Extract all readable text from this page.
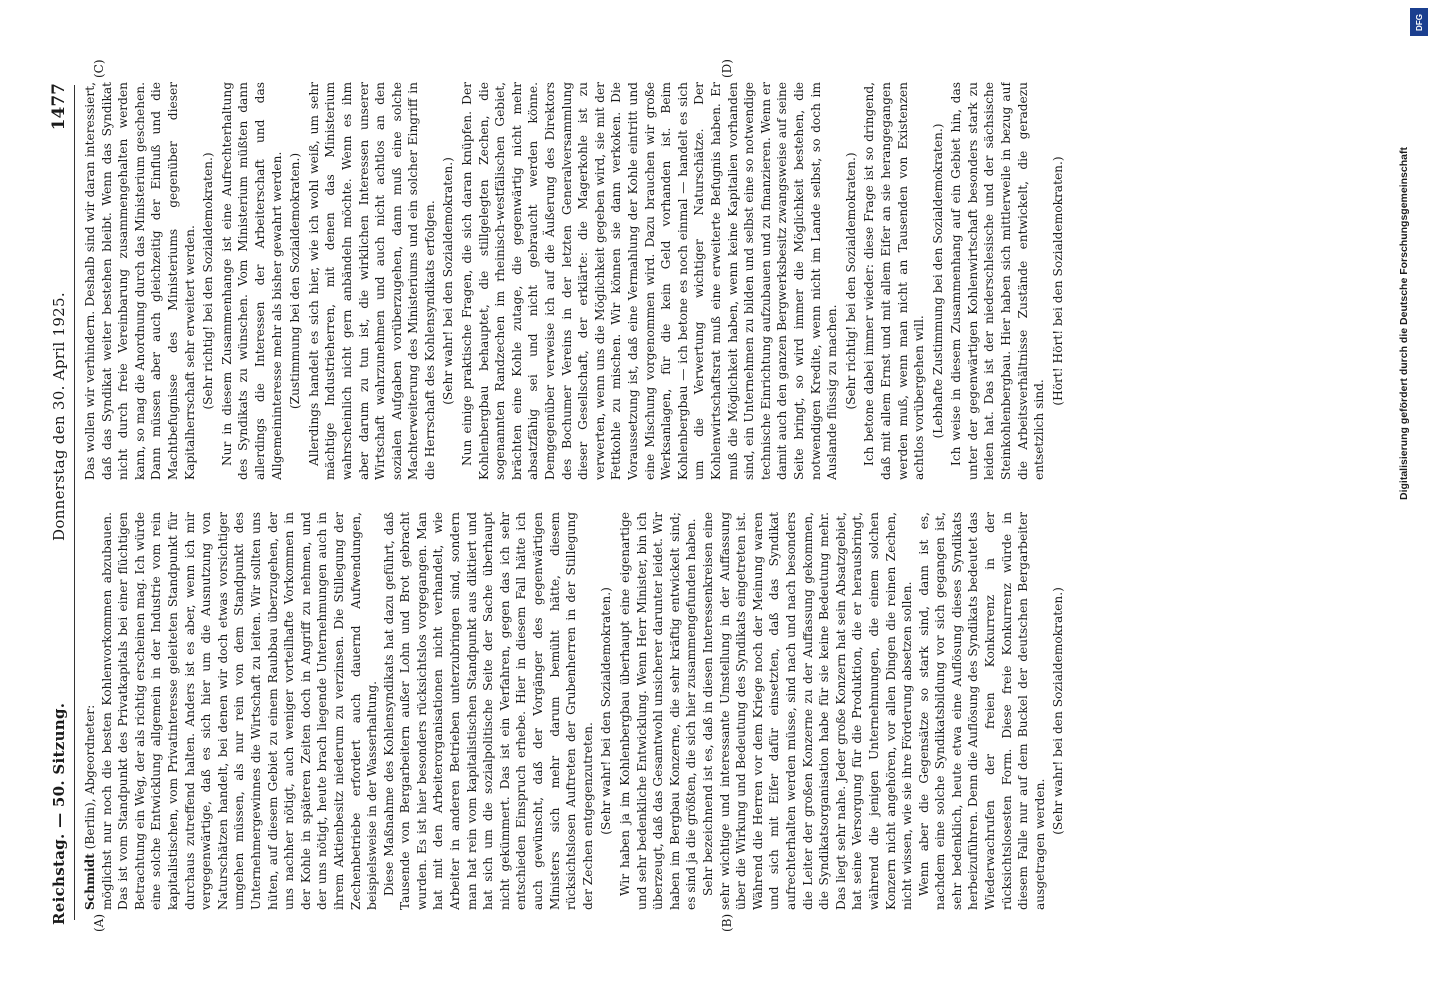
Reichstag. — 50. Sitzung.
Donnerstag den 30. April 1925.
1477
(A)	(B)
(C)	(D)

Schmidt (Berlin), Abgeordneter: möglichst nur noch die besten Kohlenvorkommen abzubauen. Das ist vom Standpunkt des Privatkapitals bei einer flüchtigen Betrachtung ein Weg, der als richtig erscheinen mag. Ich würde eine solche Entwicklung allgemein in der Industrie vom rein kapitalistischen, vom Privatinteresse geleiteten Standpunkt für durchaus zutreffend halten. Anders ist es aber, wenn ich mir vergegenwärtige, daß es sich hier um die Ausnutzung von Naturschätzen handelt, bei denen wir doch etwas vorsichtiger umgehen müssen, als nur rein von dem Standpunkt des Unternehmergewinnes die Wirtschaft zu leiten. Wir sollten uns hüten, auf diesem Gebiet zu einem Raubbau überzugehen, der uns nachher nötigt, auch weniger vorteilhafte Vorkommen in der Kohle in späteren Zeiten doch in Angriff zu nehmen, und der uns nötigt, heute brach liegende Unternehmungen auch in ihrem Aktienbesitz niederum zu verzinsen. Die Stillegung der Zechenbetriebe erfordert auch dauernd Aufwendungen, beispielsweise in der Wasserhaltung. Diese Maßnahme des Kohlensyndikats hat dazu geführt, daß Tausende von Bergarbeitern außer Lohn und Brot gebracht wurden. Es ist hier besonders rücksichtslos vorgegangen. Man hat mit den Arbeiterorganisationen nicht verhandelt, wie Arbeiter in anderen Betrieben unterzubringen sind, sondern man hat rein vom kapitalistischen Standpunkt aus diktiert und hat sich um die sozialpolitische Seite der Sache überhaupt nicht gekümmert. Das ist ein Verfahren, gegen das ich sehr entschieden Einspruch erhebe. Hier in diesem Fall hätte ich auch gewünscht, daß der Vorgänger des gegenwärtigen Ministers sich mehr darum bemüht hätte, diesem rücksichtslosen Auftreten der Grubenherren in der Stillegung der Zechen entgegenzutreten. (Sehr wahr! bei den Sozialdemokraten.) Wir haben ja im Kohlenbergbau überhaupt eine eigenartige und sehr bedenkliche Entwicklung. Wenn Herr Minister, bin ich überzeugt, daß das Gesamtwohl unsicherer darunter leidet. Wir haben im Bergbau Konzerne, die sehr kräftig entwickelt sind; es sind ja die größten, die sich hier zusammengefunden haben. Sehr bezeichnend ist es, daß in diesen Interessenkreisen eine sehr wichtige und interessante Umstellung in der Auffassung über die Wirkung und Bedeutung des Syndikats eingetreten ist. Während die Herren vor dem Kriege noch der Meinung waren und sich mit Eifer dafür einsetzten, daß das Syndikat aufrechterhalten werden müsse, sind nach und nach besonders die Leiter der großen Konzerne zu der Auffassung gekommen, die Syndikatsorganisation habe für sie keine Bedeutung mehr. Das liegt sehr nahe. Jeder große Konzern hat sein Absatzgebiet, hat seine Versorgung für die Produktion, die er herausbringt, während die jenigen Unternehmungen, die einem solchen Konzern nicht angehören, vor allen Dingen die reinen Zechen, nicht wissen, wie sie ihre Förderung absetzen sollen. Wenn aber die Gegensätze so stark sind, dann ist es, nachdem eine solche Syndikatsbildung vor sich gegangen ist, sehr bedenklich, heute etwa eine Auflösung dieses Syndikats herbeizuführen. Denn die Auflösung des Syndikats bedeutet das Wiederwachrufen der freien Konkurrenz in der rücksichtslosesten Form. Diese freie Konkurrenz würde in diesem Falle nur auf dem Buckel der deutschen Bergarbeiter ausgetragen werden.

(Sehr wahr! bei den Sozialdemokraten.)

Das wollen wir verhindern. Deshalb sind wir daran interessiert, daß das Syndikat weiter bestehen bleibt. Wenn das Syndikat nicht durch freie Vereinbarung zusammengehalten werden kann, so mag die Anordnung durch das Ministerium geschehen. Dann müssen aber auch gleichzeitig der Einfluß und die Machtbefugnisse des Ministeriums gegenüber dieser Kapitalherrschaft sehr erweitert werden. (Sehr richtig! bei den Sozialdemokraten.) Nur in diesem Zusammenhange ist eine Aufrechterhaltung des Syndikats zu wünschen. Vom Ministerium müßten dann allerdings die Interessen der Arbeiterschaft und das Allgemeininteresse mehr als bisher gewahrt werden. (Zustimmung bei den Sozialdemokraten.) Allerdings handelt es sich hier, wie ich wohl weiß, um sehr mächtige Industrieherren, mit denen das Ministerium wahrscheinlich nicht gern anbändeln möchte. Wenn es ihm aber darum zu tun ist, die wirklichen Interessen unserer Wirtschaft wahrzunehmen und auch nicht achtlos an den sozialen Aufgaben vorüberzugehen, dann muß eine solche Machterweiterung des Ministeriums und ein solcher Eingriff in die Herrschaft des Kohlensyndikats erfolgen. (Sehr wahr! bei den Sozialdemokraten.) Nun einige praktische Fragen, die sich daran knüpfen. Der Kohlenbergbau behauptet, die stillgelegten Zechen, die sogenannten Randzechen im rheinisch-westfälischen Gebiet, brächten eine Kohle zutage, die gegenwärtig nicht mehr absatzfähig sei und nicht gebraucht werden könne. Demgegenüber verweise ich auf die Äußerung des Direktors des Bochumer Vereins in der letzten Generalversammlung dieser Gesellschaft, der erklärte: die Magerkohle ist zu verwerten, wenn uns die Möglichkeit gegeben wird, sie mit der Fettkohle zu mischen. Wir können sie dann verkoken. Die Voraussetzung ist, daß eine Vermahlung der Kohle eintritt und eine Mischung vorgenommen wird. Dazu brauchen wir große Werksanlagen, für die kein Geld vorhanden ist. Beim Kohlenbergbau — ich betone es noch einmal — handelt es sich um die Verwertung wichtiger Naturschätze. Der Kohlenwirtschaftsrat muß eine erweiterte Befugnis haben. Er muß die Möglichkeit haben, wenn keine Kapitalien vorhanden sind, ein Unternehmen zu bilden und selbst eine so notwendige technische Einrichtung aufzubauen und zu finanzieren. Wenn er damit auch den ganzen Bergwerksbesitz zwangsweise auf seine Seite bringt, so wird immer die Möglichkeit bestehen, die notwendigen Kredite, wenn nicht im Lande selbst, so doch im Auslande flüssig zu machen. (Sehr richtig! bei den Sozialdemokraten.) Ich betone dabei immer wieder: diese Frage ist so dringend, daß mit allem Ernst und mit allem Eifer an sie herangegangen werden muß, wenn man nicht an Tausenden von Existenzen achtlos vorübergehen will. (Lebhafte Zustimmung bei den Sozialdemokraten.) Ich weise in diesem Zusammenhang auf ein Gebiet hin, das unter der gegenwärtigen Kohlenwirtschaft besonders stark zu leiden hat. Das ist der niederschlesische und der sächsische Steinkohlenbergbau. Hier haben sich mittlerweile in bezug auf die Arbeitsverhältnisse Zustände entwickelt, die geradezu entsetzlich sind.

(Hört! Hört! bei den Sozialdemokraten.)

DFG
Digitalisierung gefördert durch die Deutsche Forschungsgemeinschaft
